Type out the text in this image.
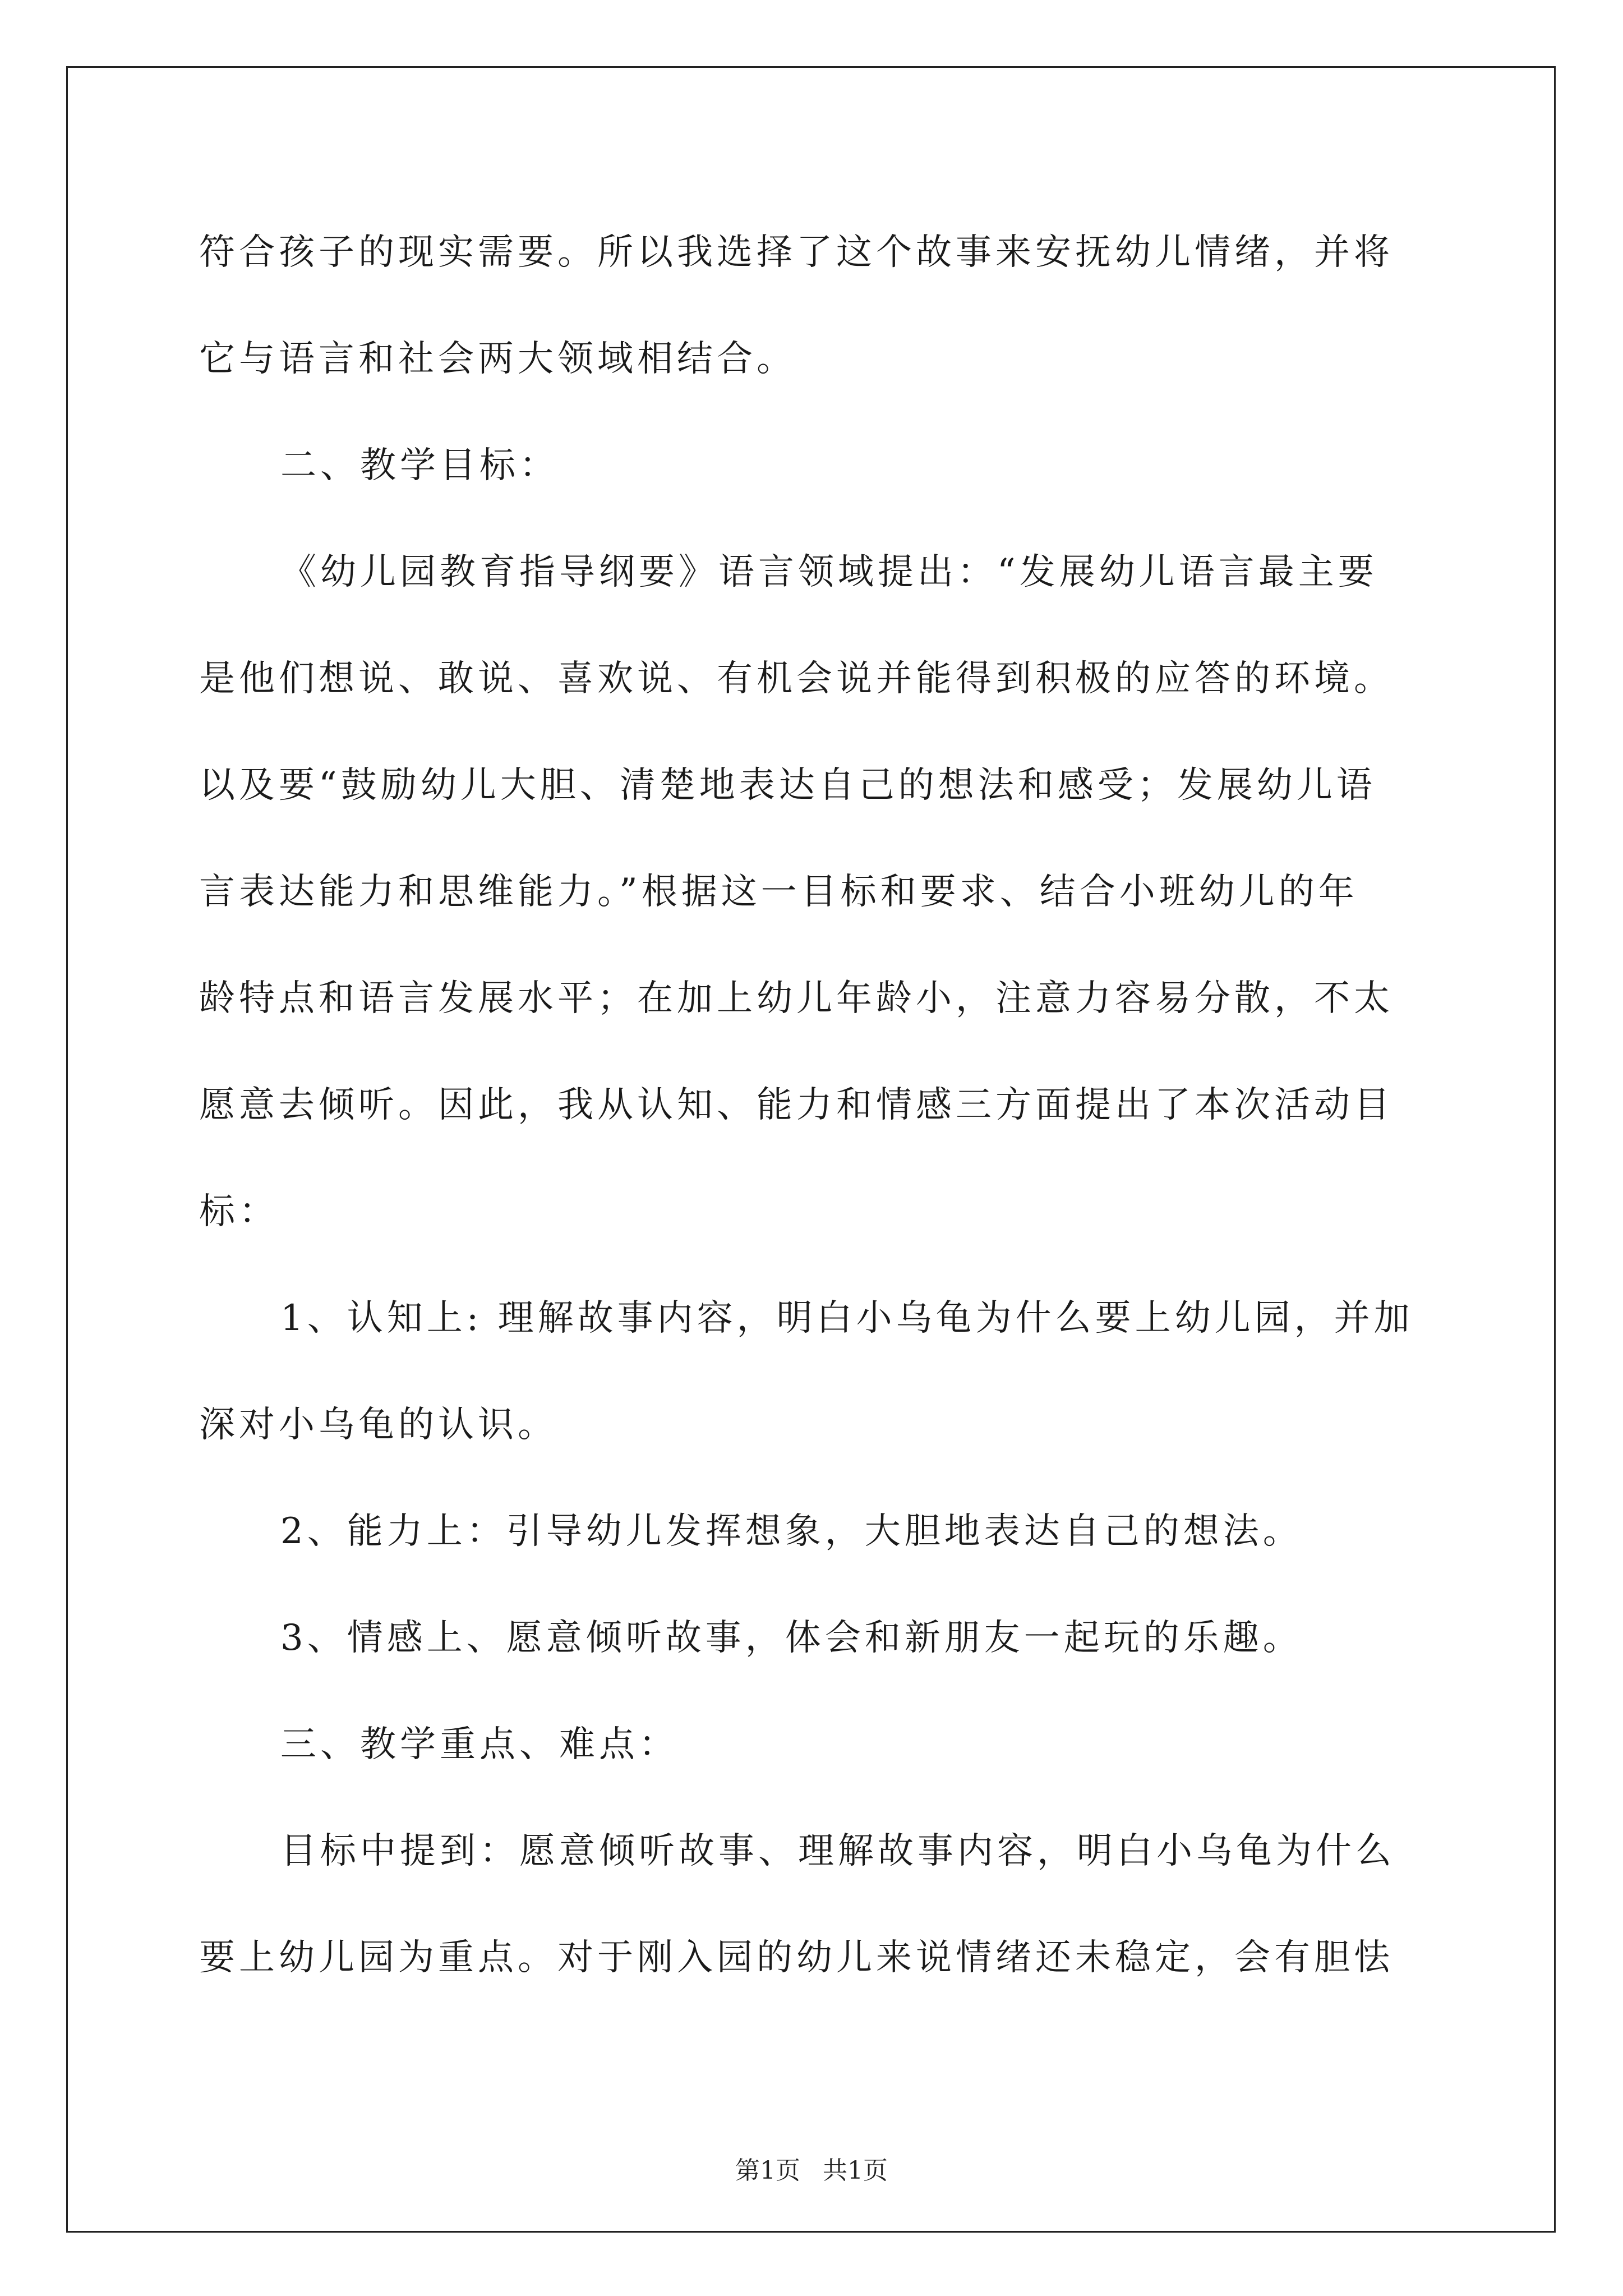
符合孩子的现实需要。所以我选择了这个故事来安抚幼儿情绪，并将
它与语言和社会两大领域相结合。
二、教学目标：
《幼儿园教育指导纲要》语言领域提出：“发展幼儿语言最主要
是他们想说、敢说、喜欢说、有机会说并能得到积极的应答的环境。
以及要“鼓励幼儿大胆、清楚地表达自己的想法和感受；发展幼儿语
言表达能力和思维能力。”根据这一目标和要求、结合小班幼儿的年
龄特点和语言发展水平；在加上幼儿年龄小，注意力容易分散，不太
愿意去倾听。因此，我从认知、能力和情感三方面提出了本次活动目
标：
1、认知上: 理解故事内容，明白小乌龟为什么要上幼儿园，并加
深对小乌龟的认识。
2、能力上：引导幼儿发挥想象，大胆地表达自己的想法。
3、情感上、愿意倾听故事，体会和新朋友一起玩的乐趣。
三、教学重点、难点：
目标中提到：愿意倾听故事、理解故事内容，明白小乌龟为什么
要上幼儿园为重点。对于刚入园的幼儿来说情绪还未稳定，会有胆怯
第1页 共1页
